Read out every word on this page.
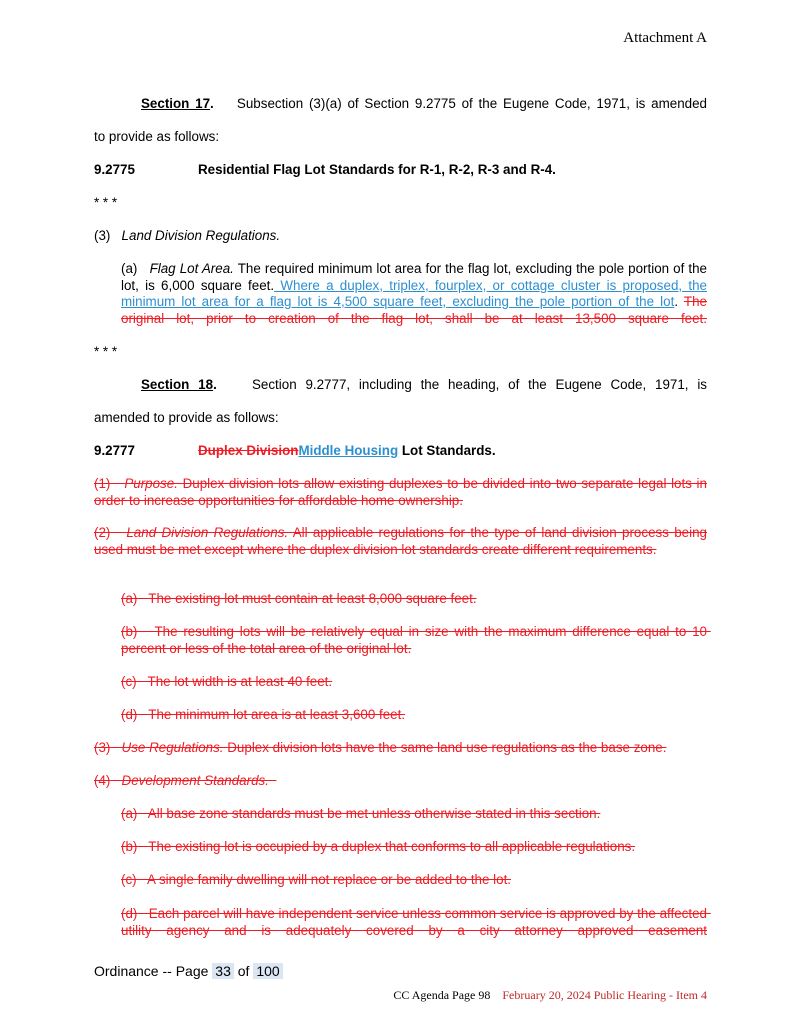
Attachment A
Section 17. Subsection (3)(a) of Section 9.2775 of the Eugene Code, 1971, is amended
to provide as follows:
9.2775	Residential Flag Lot Standards for R-1, R-2, R-3 and R-4.
* * *
(3) Land Division Regulations.
(a) Flag Lot Area. The required minimum lot area for the flag lot, excluding the pole portion of the lot, is 6,000 square feet. Where a duplex, triplex, fourplex, or cottage cluster is proposed, the minimum lot area for a flag lot is 4,500 square feet, excluding the pole portion of the lot. The original lot, prior to creation of the flag lot, shall be at least 13,500 square feet.
* * *
Section 18.	Section 9.2777, including the heading, of the Eugene Code, 1971, is
amended to provide as follows:
9.2777	Duplex DivisionMiddle Housing Lot Standards.
(1) Purpose. Duplex division lots allow existing duplexes to be divided into two separate legal lots in order to increase opportunities for affordable home ownership.
(2) Land Division Regulations. All applicable regulations for the type of land division process being used must be met except where the duplex division lot standards create different requirements.
(a)   The existing lot must contain at least 8,000 square feet.
(b)   The resulting lots will be relatively equal in size with the maximum difference equal to 10 percent or less of the total area of the original lot.
(c)   The lot width is at least 40 feet.
(d)   The minimum lot area is at least 3,600 feet.
(3) Use Regulations. Duplex division lots have the same land use regulations as the base zone.
(4) Development Standards.
(a)   All base zone standards must be met unless otherwise stated in this section.
(b)   The existing lot is occupied by a duplex that conforms to all applicable regulations.
(c)   A single family dwelling will not replace or be added to the lot.
(d)   Each parcel will have independent service unless common service is approved by the affected utility agency and is adequately covered by a city attorney approved easement
Ordinance -- Page 33 of 100
CC Agenda Page 98 February 20, 2024 Public Hearing - Item 4
